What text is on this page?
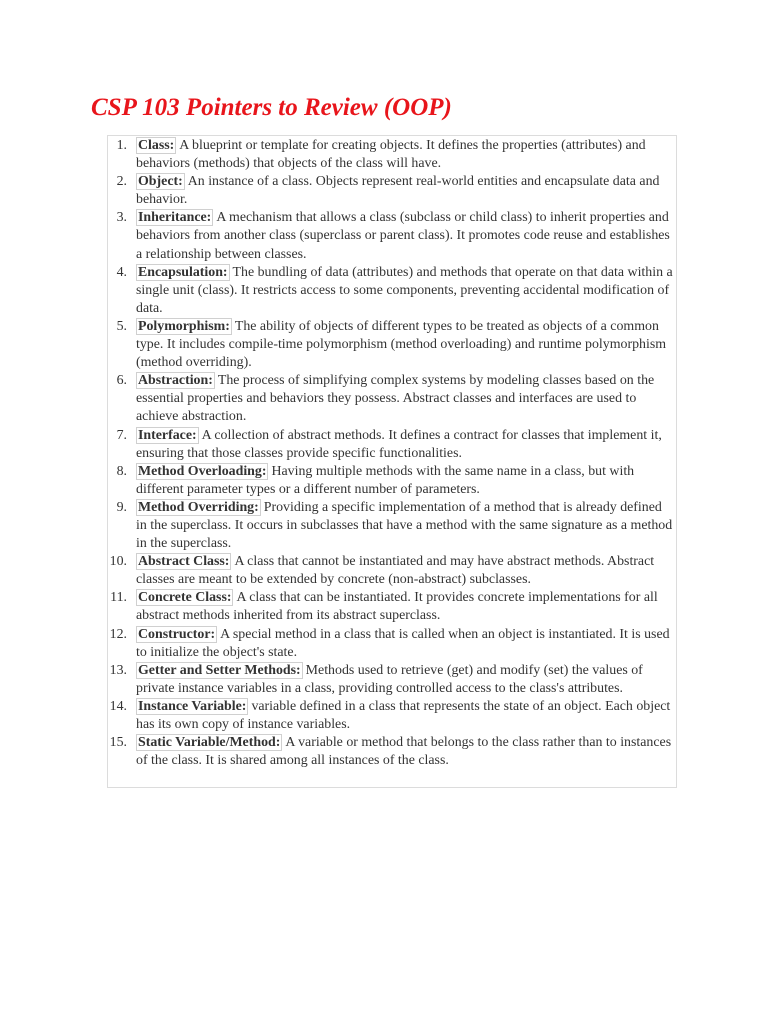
CSP 103 Pointers to Review (OOP)
1. Class: A blueprint or template for creating objects. It defines the properties (attributes) and behaviors (methods) that objects of the class will have.
2. Object: An instance of a class. Objects represent real-world entities and encapsulate data and behavior.
3. Inheritance: A mechanism that allows a class (subclass or child class) to inherit properties and behaviors from another class (superclass or parent class). It promotes code reuse and establishes a relationship between classes.
4. Encapsulation: The bundling of data (attributes) and methods that operate on that data within a single unit (class). It restricts access to some components, preventing accidental modification of data.
5. Polymorphism: The ability of objects of different types to be treated as objects of a common type. It includes compile-time polymorphism (method overloading) and runtime polymorphism (method overriding).
6. Abstraction: The process of simplifying complex systems by modeling classes based on the essential properties and behaviors they possess. Abstract classes and interfaces are used to achieve abstraction.
7. Interface: A collection of abstract methods. It defines a contract for classes that implement it, ensuring that those classes provide specific functionalities.
8. Method Overloading: Having multiple methods with the same name in a class, but with different parameter types or a different number of parameters.
9. Method Overriding: Providing a specific implementation of a method that is already defined in the superclass. It occurs in subclasses that have a method with the same signature as a method in the superclass.
10. Abstract Class: A class that cannot be instantiated and may have abstract methods. Abstract classes are meant to be extended by concrete (non-abstract) subclasses.
11. Concrete Class: A class that can be instantiated. It provides concrete implementations for all abstract methods inherited from its abstract superclass.
12. Constructor: A special method in a class that is called when an object is instantiated. It is used to initialize the object's state.
13. Getter and Setter Methods: Methods used to retrieve (get) and modify (set) the values of private instance variables in a class, providing controlled access to the class's attributes.
14. Instance Variable: variable defined in a class that represents the state of an object. Each object has its own copy of instance variables.
15. Static Variable/Method: A variable or method that belongs to the class rather than to instances of the class. It is shared among all instances of the class.
